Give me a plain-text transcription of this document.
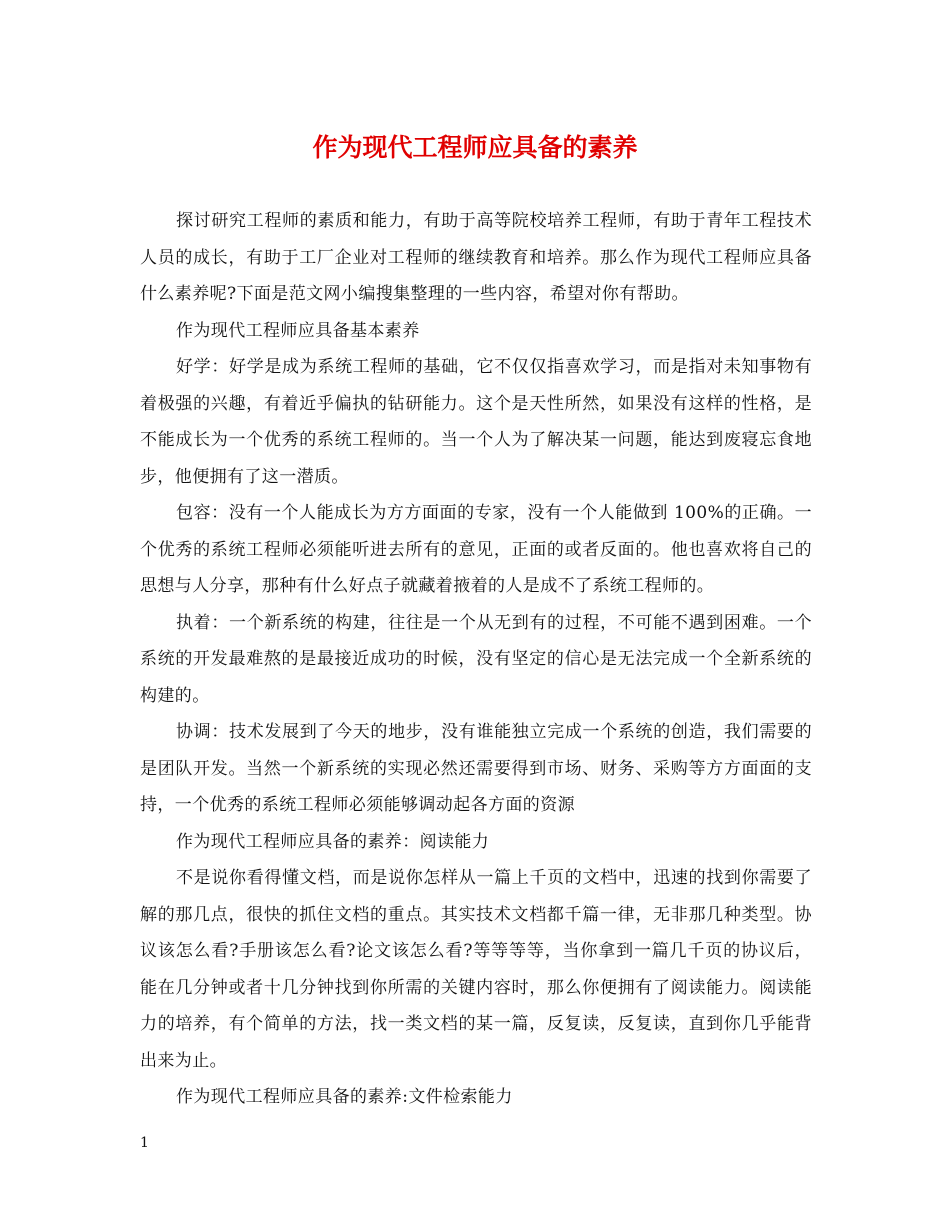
作为现代工程师应具备的素养

探讨研究工程师的素质和能力，有助于高等院校培养工程师，有助于青年工程技术人员的成长，有助于工厂企业对工程师的继续教育和培养。那么作为现代工程师应具备什么素养呢?下面是范文网小编搜集整理的一些内容，希望对你有帮助。

作为现代工程师应具备基本素养

好学：好学是成为系统工程师的基础，它不仅仅指喜欢学习，而是指对未知事物有着极强的兴趣，有着近乎偏执的钻研能力。这个是天性所然，如果没有这样的性格，是不能成长为一个优秀的系统工程师的。当一个人为了解决某一问题，能达到废寝忘食地步，他便拥有了这一潜质。

包容：没有一个人能成长为方方面面的专家，没有一个人能做到 100%的正确。一个优秀的系统工程师必须能听进去所有的意见，正面的或者反面的。他也喜欢将自己的思想与人分享，那种有什么好点子就藏着掖着的人是成不了系统工程师的。

执着：一个新系统的构建，往往是一个从无到有的过程，不可能不遇到困难。一个系统的开发最难熬的是最接近成功的时候，没有坚定的信心是无法完成一个全新系统的构建的。

协调：技术发展到了今天的地步，没有谁能独立完成一个系统的创造，我们需要的是团队开发。当然一个新系统的实现必然还需要得到市场、财务、采购等方方面面的支持，一个优秀的系统工程师必须能够调动起各方面的资源

作为现代工程师应具备的素养：阅读能力

不是说你看得懂文档，而是说你怎样从一篇上千页的文档中，迅速的找到你需要了解的那几点，很快的抓住文档的重点。其实技术文档都千篇一律，无非那几种类型。协议该怎么看?手册该怎么看?论文该怎么看?等等等等，当你拿到一篇几千页的协议后，能在几分钟或者十几分钟找到你所需的关键内容时，那么你便拥有了阅读能力。阅读能力的培养，有个简单的方法，找一类文档的某一篇，反复读，反复读，直到你几乎能背出来为止。

作为现代工程师应具备的素养:文件检索能力

1
